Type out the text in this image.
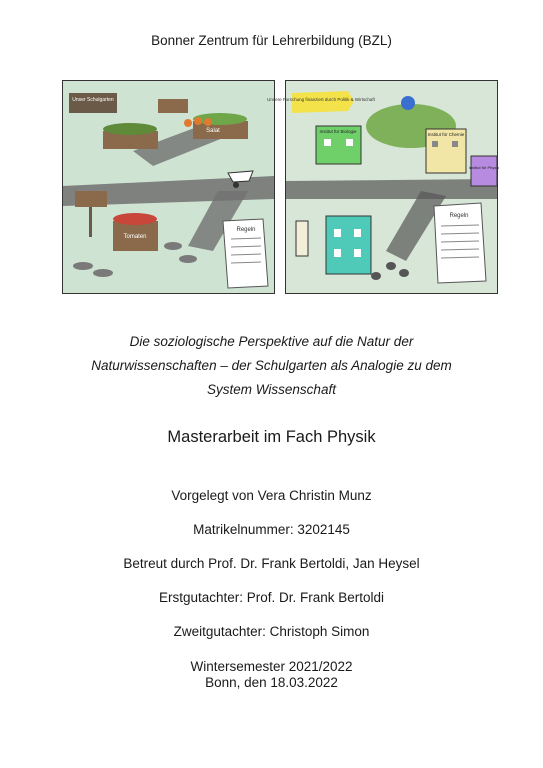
Bonner Zentrum für Lehrerbildung (BZL)
Unser Schulgarten
Salat
Tomaten
Regeln
Unsere Forschung finanziert durch Politik & Wirtschaft
Institut für Biologie
Institut für Chemie
Institut für Physik
Regeln
Die soziologische Perspektive auf die Natur der
Naturwissenschaften – der Schulgarten als Analogie zu dem
System Wissenschaft
Masterarbeit im Fach Physik
Vorgelegt von Vera Christin Munz
Matrikelnummer: 3202145
Betreut durch Prof. Dr. Frank Bertoldi, Jan Heysel
Erstgutachter: Prof. Dr. Frank Bertoldi
Zweitgutachter: Christoph Simon
Wintersemester 2021/2022
Bonn, den 18.03.2022
